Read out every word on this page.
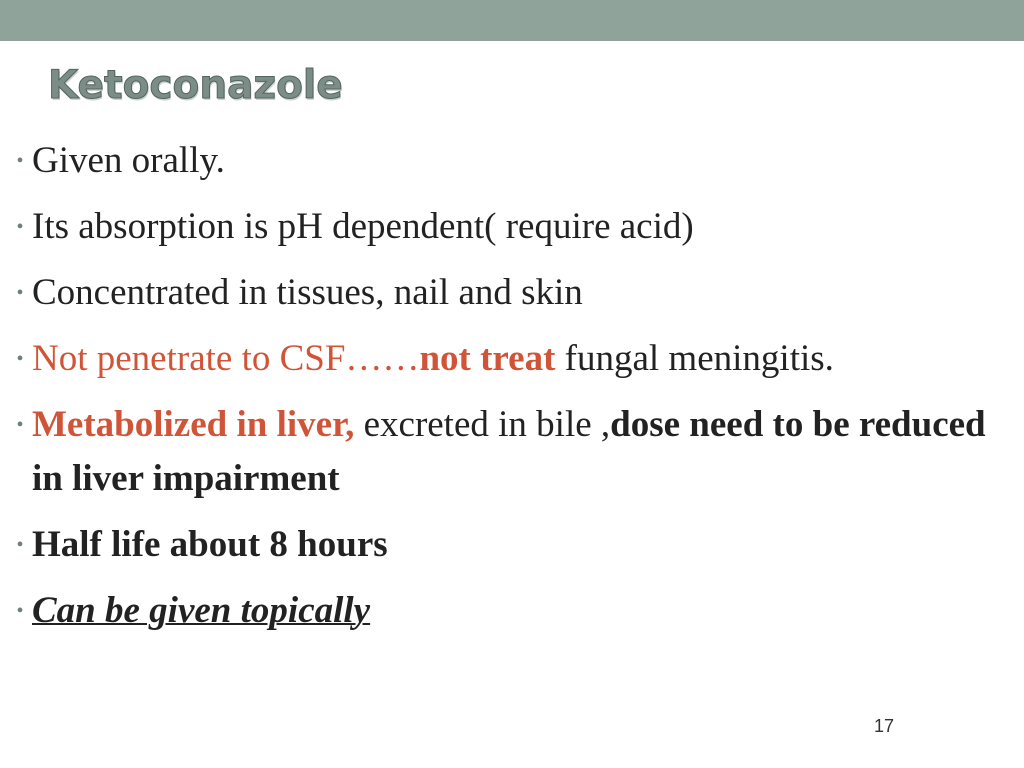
Ketoconazole
• Given orally.
• Its absorption is pH dependent( require acid)
• Concentrated in tissues, nail and skin
• Not penetrate to CSF……not treat fungal meningitis.
• Metabolized in liver, excreted in bile ,dose need to be reduced in liver impairment
• Half life about 8 hours
• Can be given topically
17
